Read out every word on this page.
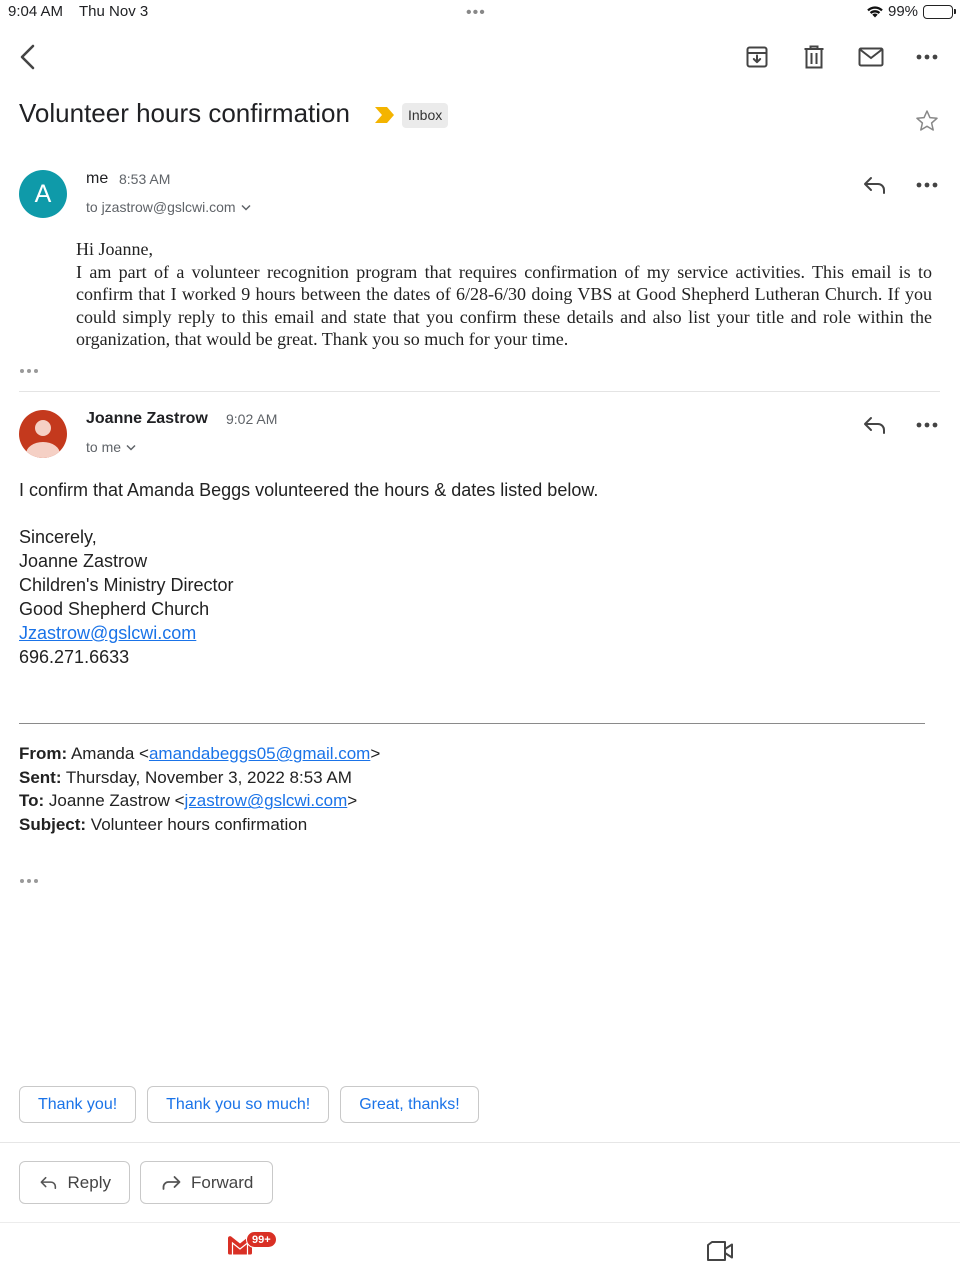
9:04 AM Thu Nov 3	•••	99%
Volunteer hours confirmation	Inbox
A
me 8:53 AM
to jzastrow@gslcwi.com
Hi Joanne,
I am part of a volunteer recognition program that requires confirmation of my service activities. This email is to confirm that I worked 9 hours between the dates of 6/28-6/30 doing VBS at Good Shepherd Lutheran Church. If you could simply reply to this email and state that you confirm these details and also list your title and role within the organization, that would be great. Thank you so much for your time.
Joanne Zastrow 9:02 AM
to me
I confirm that Amanda Beggs volunteered the hours & dates listed below.
Sincerely,
Joanne Zastrow
Children's Ministry Director
Good Shepherd Church
Jzastrow@gslcwi.com
696.271.6633
From: Amanda <amandabeggs05@gmail.com>
Sent: Thursday, November 3, 2022 8:53 AM
To: Joanne Zastrow <jzastrow@gslcwi.com>
Subject: Volunteer hours confirmation
Thank you!	Thank you so much!	Great, thanks!
Reply	Forward
99+
